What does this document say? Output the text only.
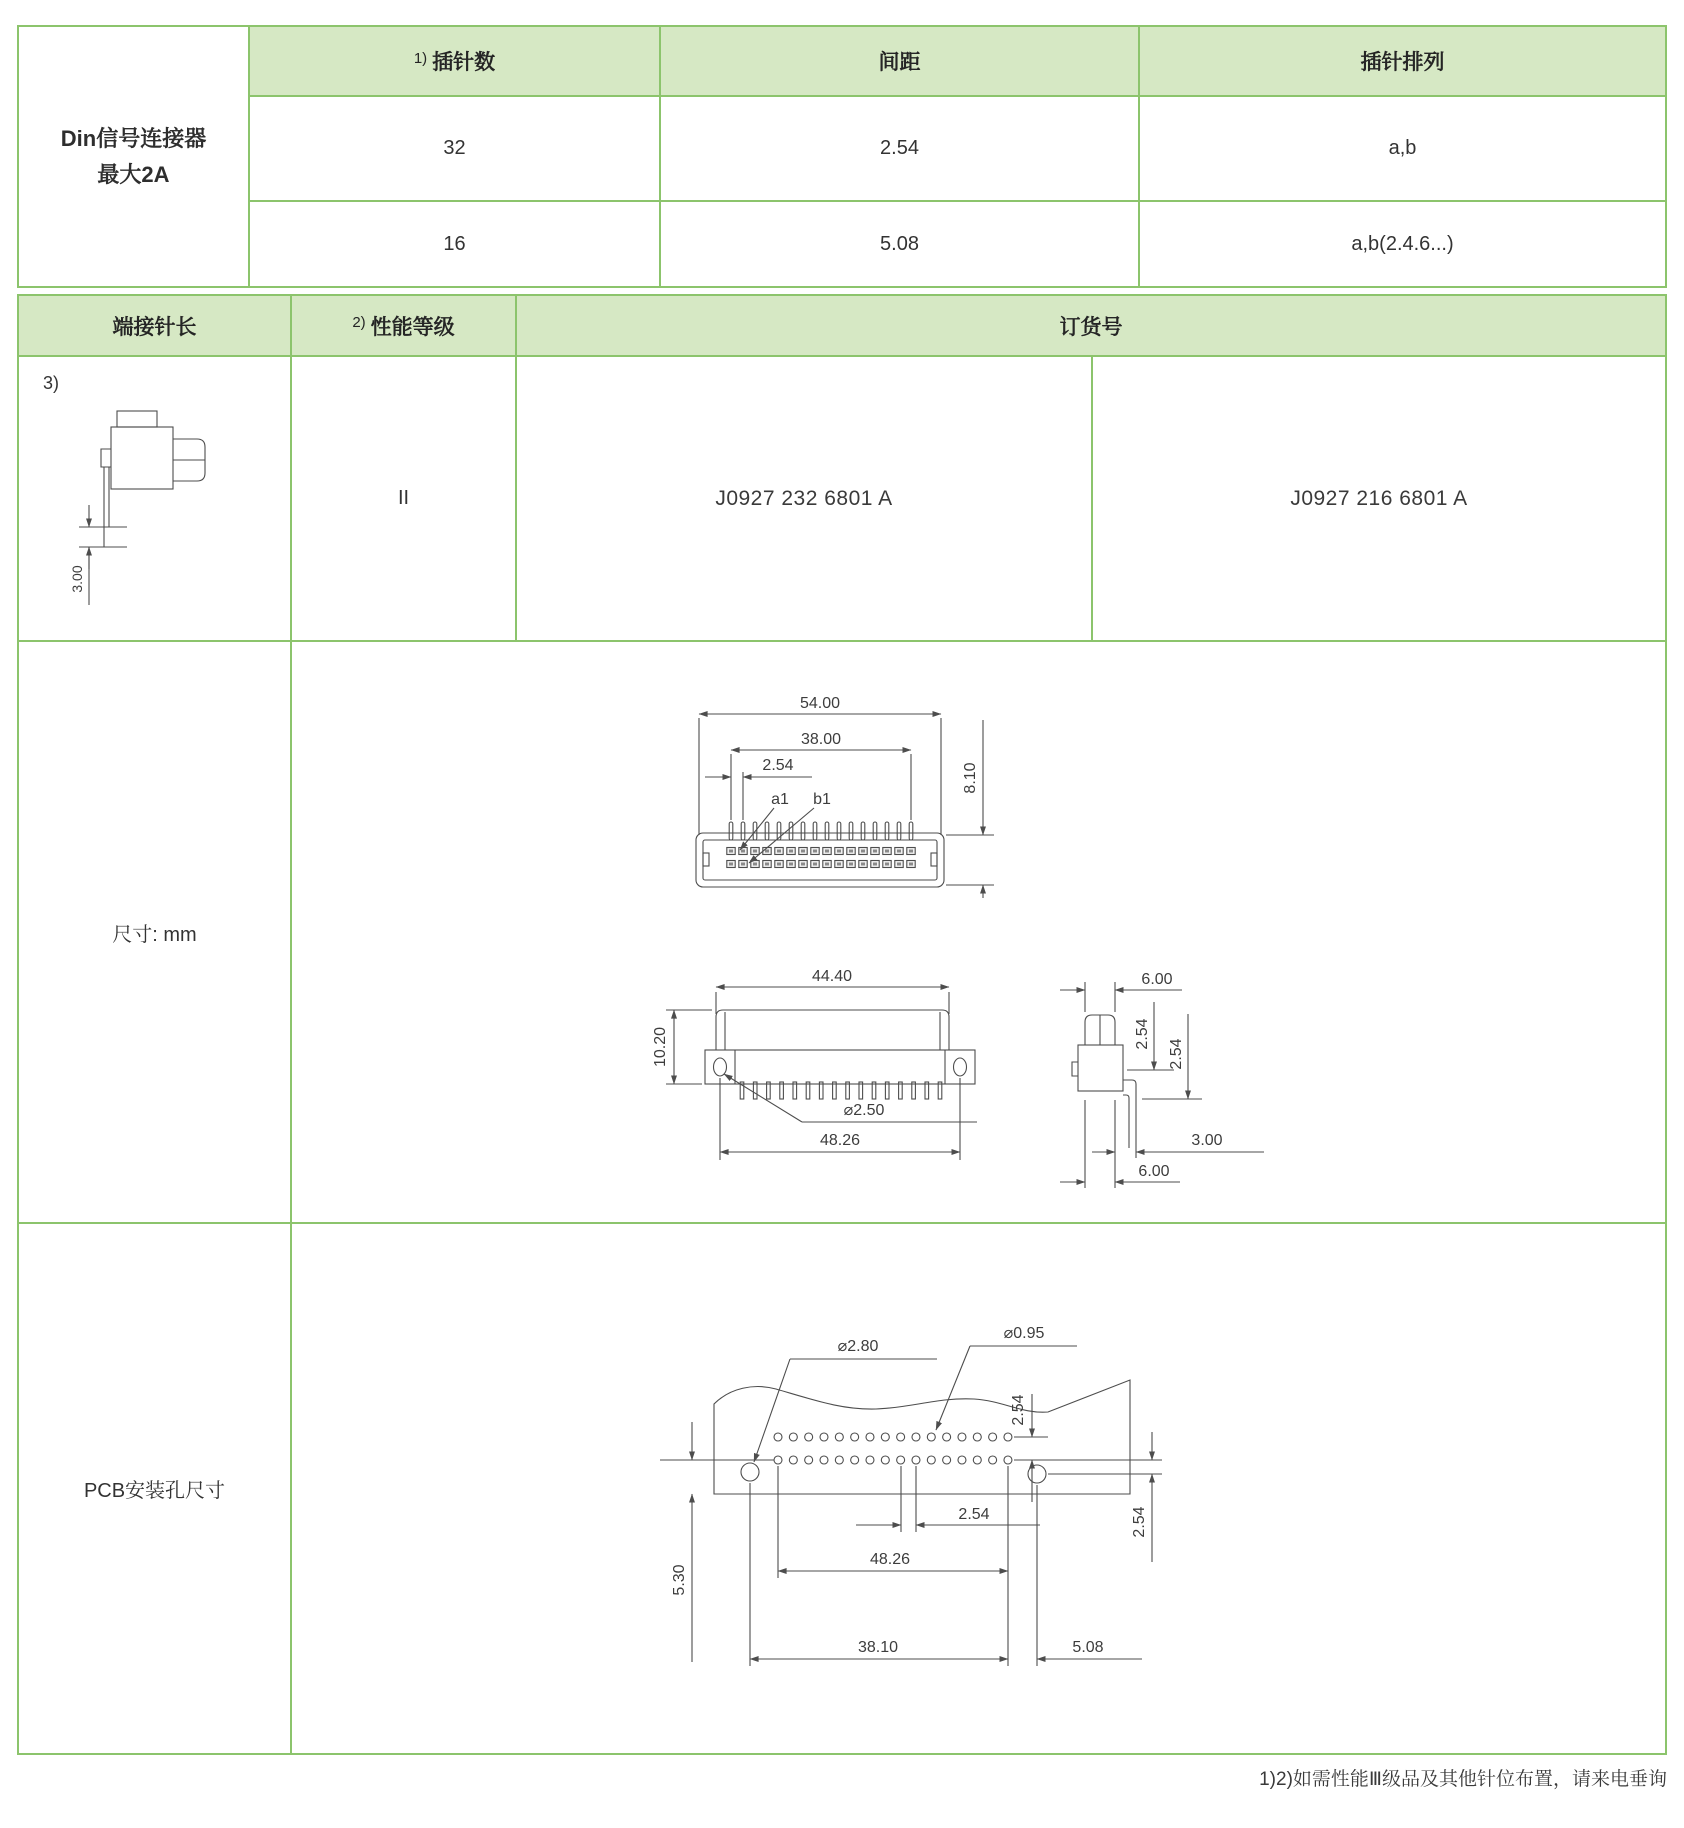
Din信号连接器
最大2A
1) 插针数	间距	插针排列
32	2.54	a,b
16	5.08	a,b(2.4.6...)
端接针长	2) 性能等级	订货号
3)
3.00
II	J0927 232 6801 A	J0927 216 6801 A
尺寸: mm
54.00
38.00
2.54
a1 b1
8.10
44.40
10.20
⌀2.50
48.26
6.00
2.54
2.54
3.00
6.00
PCB安装孔尺寸
⌀0.95
⌀2.80
2.54
5.30
2.54
48.26
38.10	5.08
2.54
1)2)如需性能Ⅲ级品及其他针位布置，请来电垂询
